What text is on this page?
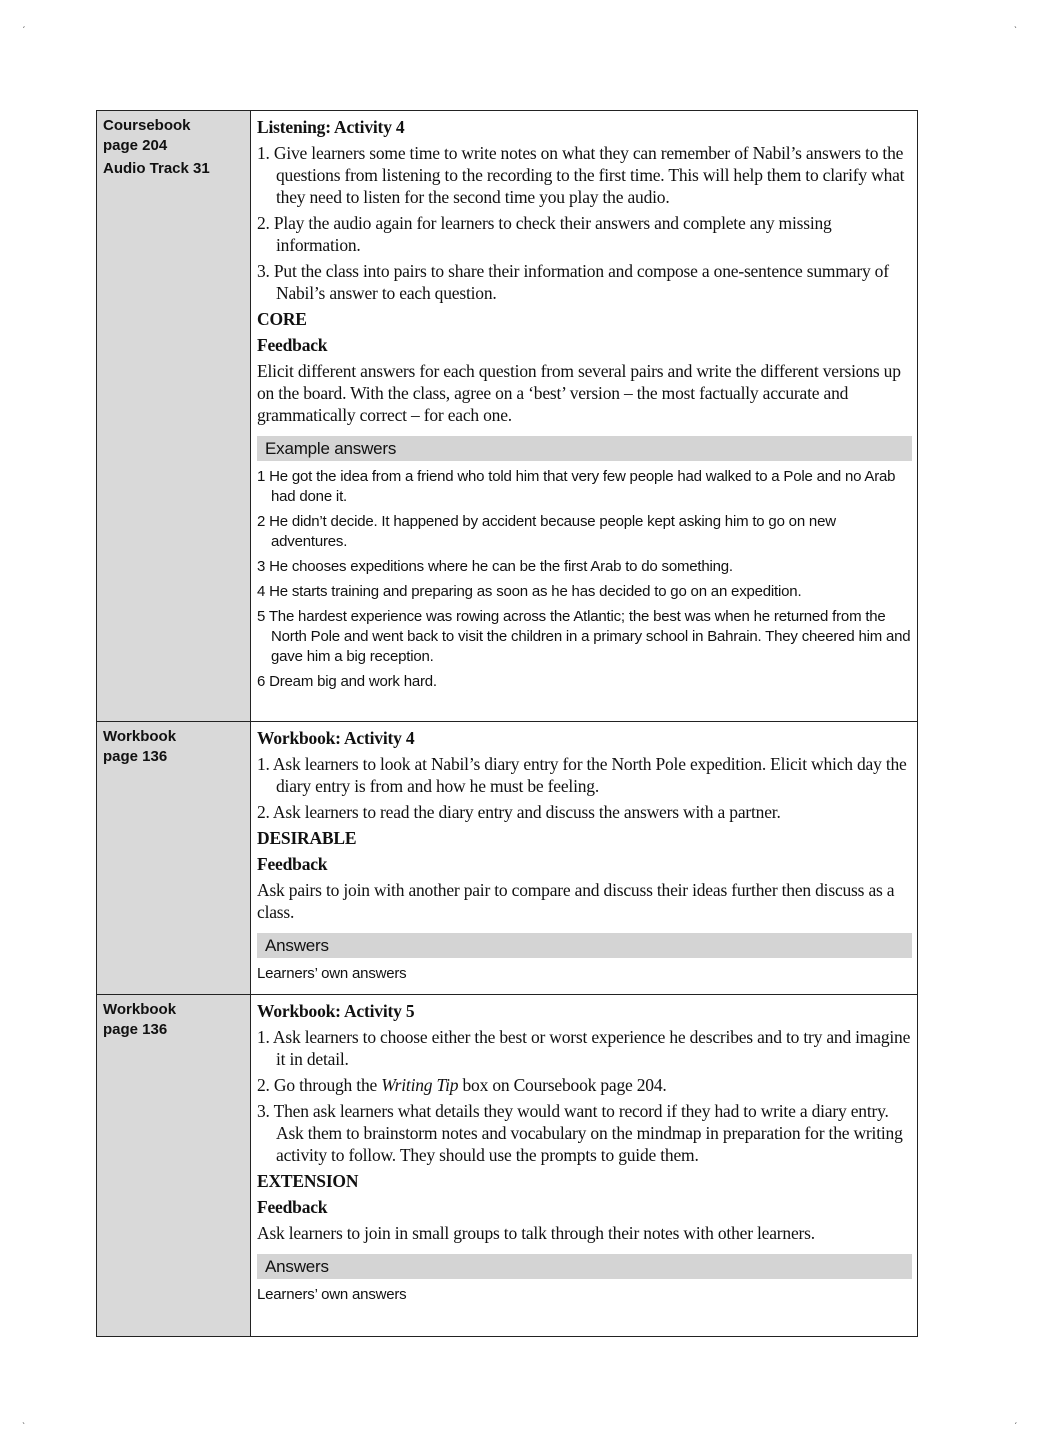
Coursebook page 204
Audio Track 31
Listening: Activity 4
1. Give learners some time to write notes on what they can remember of Nabil’s answers to the questions from listening to the recording to the first time. This will help them to clarify what they need to listen for the second time you play the audio.
2. Play the audio again for learners to check their answers and complete any missing information.
3. Put the class into pairs to share their information and compose a one-sentence summary of Nabil’s answer to each question.
CORE
Feedback
Elicit different answers for each question from several pairs and write the different versions up on the board. With the class, agree on a ‘best’ version – the most factually accurate and grammatically correct – for each one.
Example answers
1 He got the idea from a friend who told him that very few people had walked to a Pole and no Arab had done it.
2 He didn’t decide. It happened by accident because people kept asking him to go on new adventures.
3 He chooses expeditions where he can be the first Arab to do something.
4 He starts training and preparing as soon as he has decided to go on an expedition.
5 The hardest experience was rowing across the Atlantic; the best was when he returned from the North Pole and went back to visit the children in a primary school in Bahrain. They cheered him and gave him a big reception.
6 Dream big and work hard.
Workbook page 136
Workbook: Activity 4
1. Ask learners to look at Nabil’s diary entry for the North Pole expedition. Elicit which day the diary entry is from and how he must be feeling.
2. Ask learners to read the diary entry and discuss the answers with a partner.
DESIRABLE
Feedback
Ask pairs to join with another pair to compare and discuss their ideas further then discuss as a class.
Answers
Learners’ own answers
Workbook page 136
Workbook: Activity 5
1. Ask learners to choose either the best or worst experience he describes and to try and imagine it in detail.
2. Go through the Writing Tip box on Coursebook page 204.
3. Then ask learners what details they would want to record if they had to write a diary entry. Ask them to brainstorm notes and vocabulary on the mindmap in preparation for the writing activity to follow. They should use the prompts to guide them.
EXTENSION
Feedback
Ask learners to join in small groups to talk through their notes with other learners.
Answers
Learners’ own answers
ˏ	ˎ
ˋ	ˊ
